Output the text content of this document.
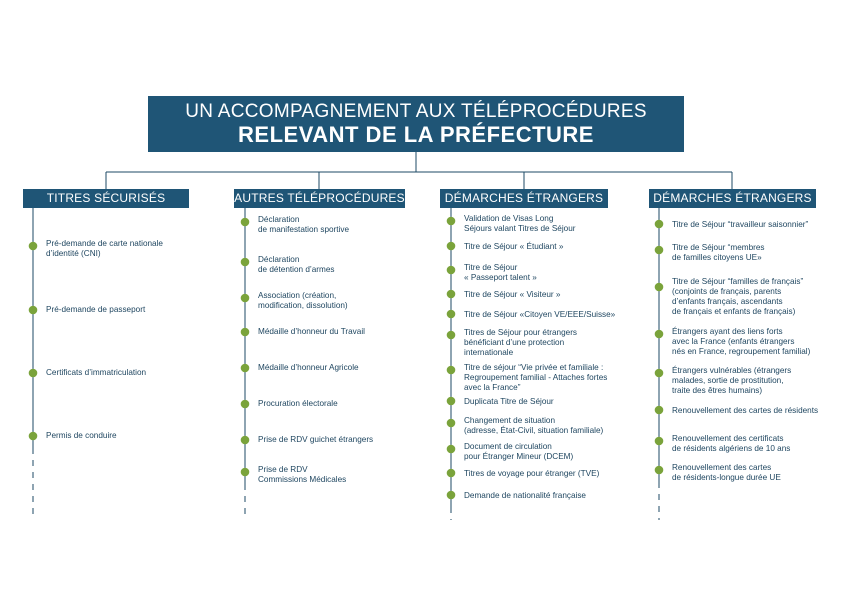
UN ACCOMPAGNEMENT AUX TÉLÉPROCÉDURES
RELEVANT DE LA PRÉFECTURE
TITRES SÉCURISÉS	AUTRES TÉLÉPROCÉDURES	DÉMARCHES ÉTRANGERS	DÉMARCHES ÉTRANGERS
Pré-demande de carte nationale
d’identité (CNI)
Pré-demande de passeport
Certificats d’immatriculation
Permis de conduire
Déclaration
de manifestation sportive
Déclaration
de détention d’armes
Association (création,
modification, dissolution)
Médaille d’honneur du Travail
Médaille d’honneur Agricole
Procuration électorale
Prise de RDV guichet étrangers
Prise de RDV
Commissions Médicales
Validation de Visas Long
Séjours valant Titres de Séjour
Titre de Séjour « Étudiant »
Titre de Séjour
« Passeport talent »
Titre de Séjour « Visiteur »
Titre de Séjour «Citoyen VE/EEE/Suisse»
Titres de Séjour pour étrangers
bénéficiant d’une protection
internationale
Titre de séjour “Vie privée et familiale :
Regroupement familial - Attaches fortes
avec la France”
Duplicata Titre de Séjour
Changement de situation
(adresse, État-Civil, situation familiale)
Document de circulation
pour Étranger Mineur (DCEM)
Titres de voyage pour étranger (TVE)
Demande de nationalité française
Titre de Séjour “travailleur saisonnier”
Titre de Séjour “membres
de familles citoyens UE»
Titre de Séjour “familles de français”
(conjoints de français, parents
d’enfants français, ascendants
de français et enfants de français)
Étrangers ayant des liens forts
avec la France (enfants étrangers
nés en France, regroupement familial)
Étrangers vulnérables (étrangers
malades, sortie de prostitution,
traite des êtres humains)
Renouvellement des cartes de résidents
Renouvellement des certificats
de résidents algériens de 10 ans
Renouvellement des cartes
de résidents-longue durée UE
